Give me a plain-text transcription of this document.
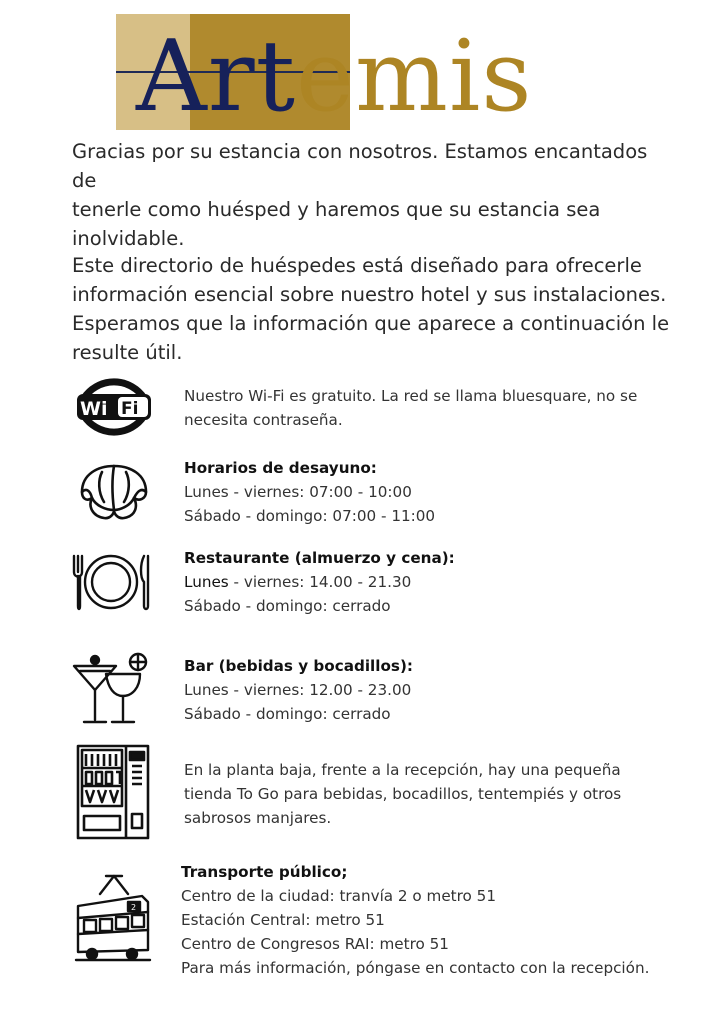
Artemis

Gracias por su estancia con nosotros. Estamos encantados de
tenerle como huésped y haremos que su estancia sea
inolvidable.

Este directorio de huéspedes está diseñado para ofrecerle
información esencial sobre nuestro hotel y sus instalaciones.
Esperamos que la información que aparece a continuación le
resulte útil.

Wi Fi
Nuestro Wi-Fi es gratuito. La red se llama bluesquare, no se
necesita contraseña.
Horarios de desayuno:
Lunes - viernes: 07:00 - 10:00
Sábado - domingo: 07:00 - 11:00
Restaurante (almuerzo y cena):
Lunes - viernes: 14.00 - 21.30
Sábado - domingo: cerrado
Bar (bebidas y bocadillos):
Lunes - viernes: 12.00 - 23.00
Sábado - domingo: cerrado
En la planta baja, frente a la recepción, hay una pequeña
tienda To Go para bebidas, bocadillos, tentempiés y otros
sabrosos manjares.
2
Transporte público;
Centro de la ciudad: tranvía 2 o metro 51
Estación Central: metro 51
Centro de Congresos RAI: metro 51
Para más información, póngase en contacto con la recepción.
